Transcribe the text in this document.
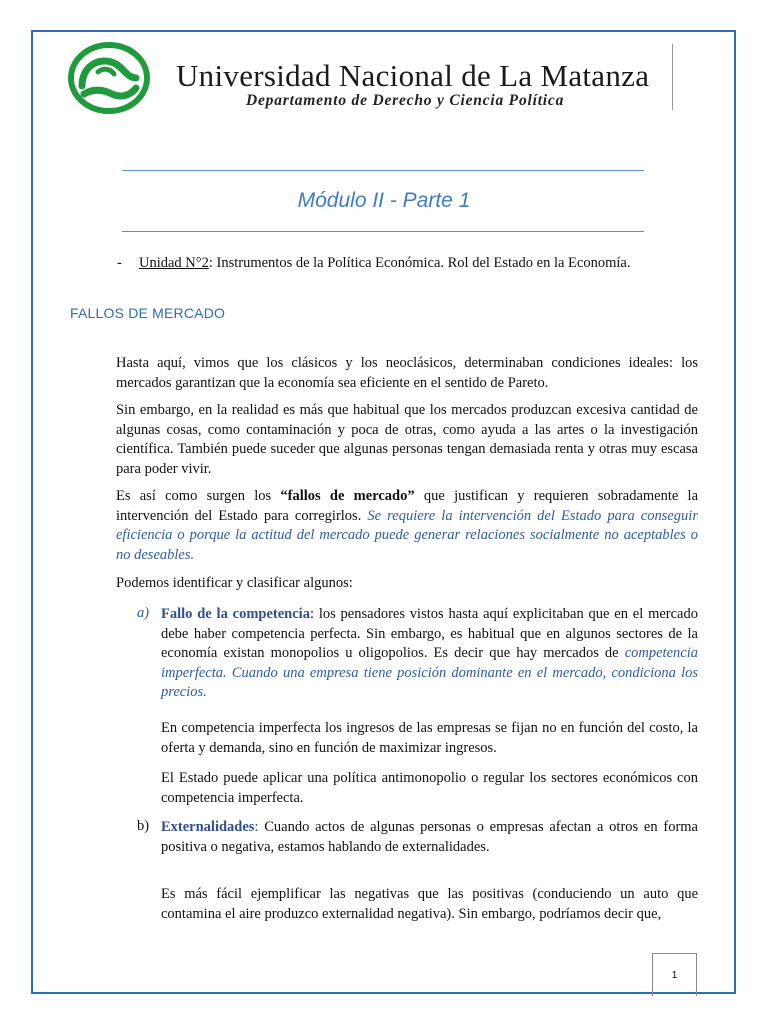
Universidad Nacional de La Matanza
Departamento de Derecho y Ciencia Política
Módulo II - Parte 1
- Unidad N°2: Instrumentos de la Política Económica. Rol del Estado en la Economía.
FALLOS DE MERCADO
Hasta aquí, vimos que los clásicos y los neoclásicos, determinaban condiciones ideales: los mercados garantizan que la economía sea eficiente en el sentido de Pareto.
Sin embargo, en la realidad es más que habitual que los mercados produzcan excesiva cantidad de algunas cosas, como contaminación y poca de otras, como ayuda a las artes o la investigación científica. También puede suceder que algunas personas tengan demasiada renta y otras muy escasa para poder vivir.
Es así como surgen los “fallos de mercado” que justifican y requieren sobradamente la intervención del Estado para corregirlos. Se requiere la intervención del Estado para conseguir eficiencia o porque la actitud del mercado puede generar relaciones socialmente no aceptables o no deseables.
Podemos identificar y clasificar algunos:
a) Fallo de la competencia: los pensadores vistos hasta aquí explicitaban que en el mercado debe haber competencia perfecta. Sin embargo, es habitual que en algunos sectores de la economía existan monopolios u oligopolios. Es decir que hay mercados de competencia imperfecta. Cuando una empresa tiene posición dominante en el mercado, condiciona los precios.
En competencia imperfecta los ingresos de las empresas se fijan no en función del costo, la oferta y demanda, sino en función de maximizar ingresos.
El Estado puede aplicar una política antimonopolio o regular los sectores económicos con competencia imperfecta.
b) Externalidades: Cuando actos de algunas personas o empresas afectan a otros en forma positiva o negativa, estamos hablando de externalidades.
Es más fácil ejemplificar las negativas que las positivas (conduciendo un auto que contamina el aire produzco externalidad negativa). Sin embargo, podríamos decir que,
1
